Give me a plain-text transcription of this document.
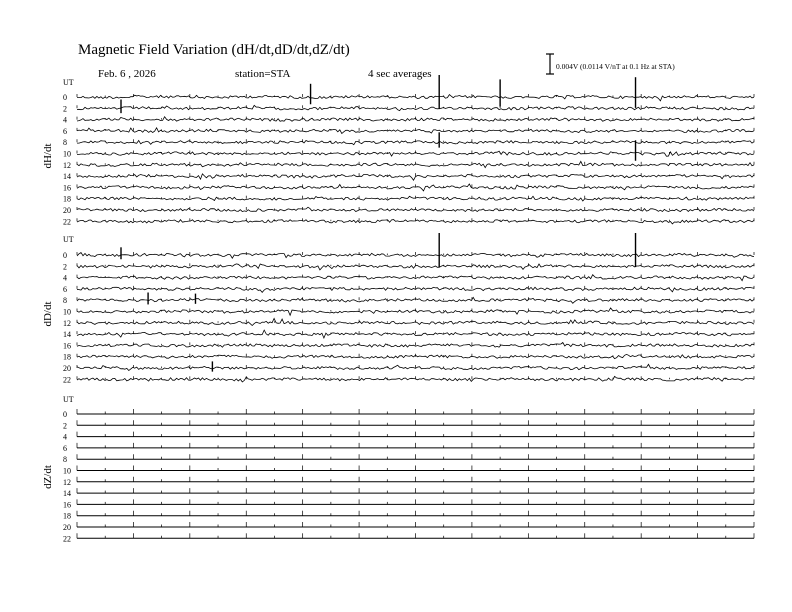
Magnetic Field Variation (dH/dt,dD/dt,dZ/dt)
Feb. 6 , 2026	station=STA	4 sec averages
0.004V (0.0114 V/nT at 0.1 Hz at STA)
UT
dH/dt
0
2
4
6
8
10
12
14
16
18
20
22
UT
dD/dt
0
2
4
6
8
10
12
14
16
18
20
22
UT
dZ/dt
0
2
4
6
8
10
12
14
16
18
20
22
